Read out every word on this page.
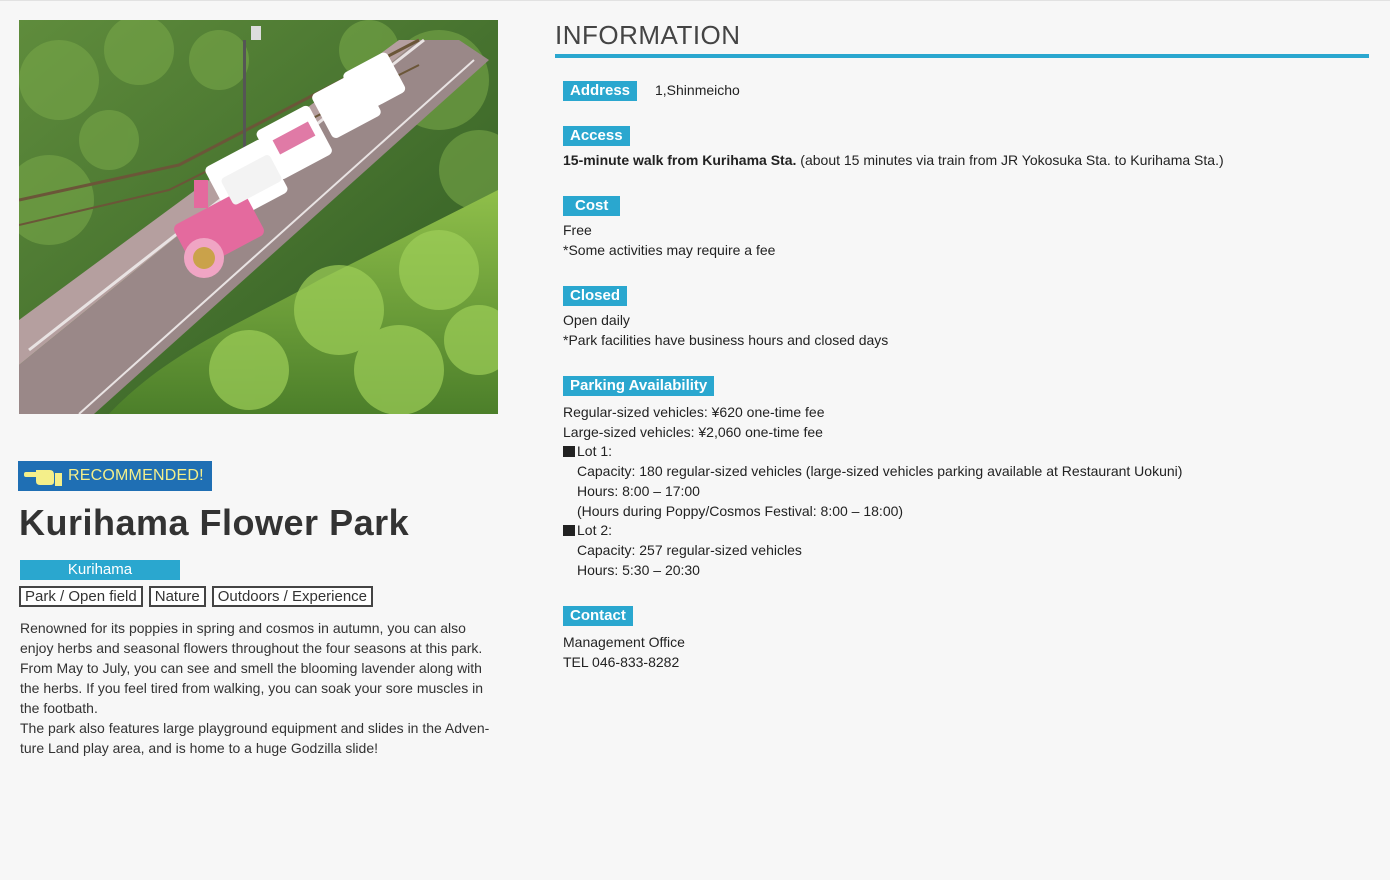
RECOMMENDED!
Kurihama Flower Park
Kurihama
Park / Open field	Nature	Outdoors / Experience

Renowned for its poppies in spring and cosmos in autumn, you can also enjoy herbs and seasonal flowers throughout the four seasons at this park. From May to July, you can see and smell the blooming lavender along with the herbs. If you feel tired from walking, you can soak your sore muscles in the footbath.

The park also features large playground equipment and slides in the Adven-ture Land play area, and is home to a huge Godzilla slide!

INFORMATION
Address	1,Shinmeicho
Access
15-minute walk from Kurihama Sta. (about 15 minutes via train from JR Yokosuka Sta. to Kurihama Sta.)
Cost
Free
*Some activities may require a fee
Closed
Open daily
*Park facilities have business hours and closed days
Parking Availability
Regular-sized vehicles: ¥620 one-time fee
Large-sized vehicles: ¥2,060 one-time fee
Lot 1:
Capacity: 180 regular-sized vehicles (large-sized vehicles parking available at Restaurant Uokuni)
Hours: 8:00 – 17:00
(Hours during Poppy/Cosmos Festival: 8:00 – 18:00)
Lot 2:
Capacity: 257 regular-sized vehicles
Hours: 5:30 – 20:30
Contact
Management Office
TEL 046-833-8282
